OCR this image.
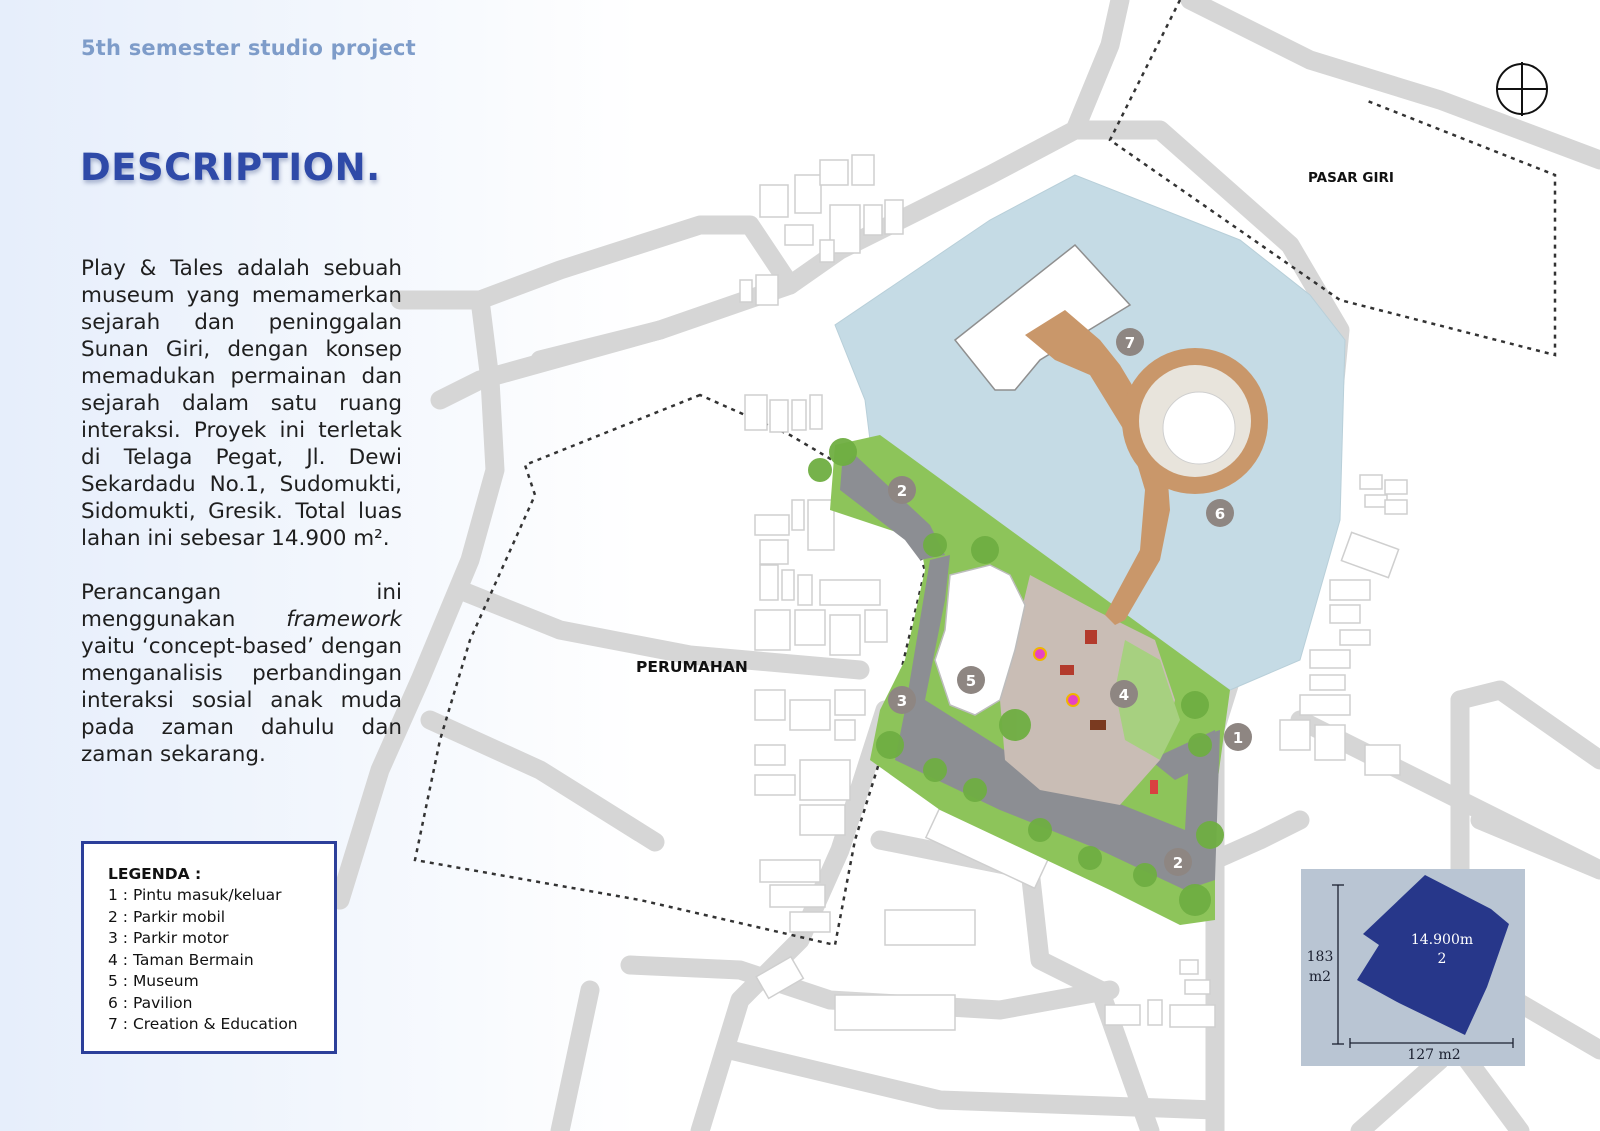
1
2
2
3	4
5
6
7
5th semester studio project
DESCRIPTION.

Play & Tales adalah sebuah museum yang memamerkan sejarah dan peninggalan Sunan Giri, dengan konsep memadukan permainan dan sejarah dalam satu ruang interaksi. Proyek ini terletak di Telaga Pegat, Jl. Dewi Sekardadu No.1, Sudomukti, Sidomukti, Gresik. Total luas lahan ini sebesar 14.900 m².

Perancangan ini menggunakan framework yaitu ‘concept-based’ dengan menganalisis perbandingan interaksi sosial anak muda pada zaman dahulu dan zaman sekarang.

LEGENDA :
1 : Pintu masuk/keluar
2 : Parkir mobil
3 : Parkir motor
4 : Taman Bermain
5 : Museum
6 : Pavilion
7 : Creation & Education
PASAR GIRI
PERUMAHAN
14.900m
2
183
m2
127 m2
